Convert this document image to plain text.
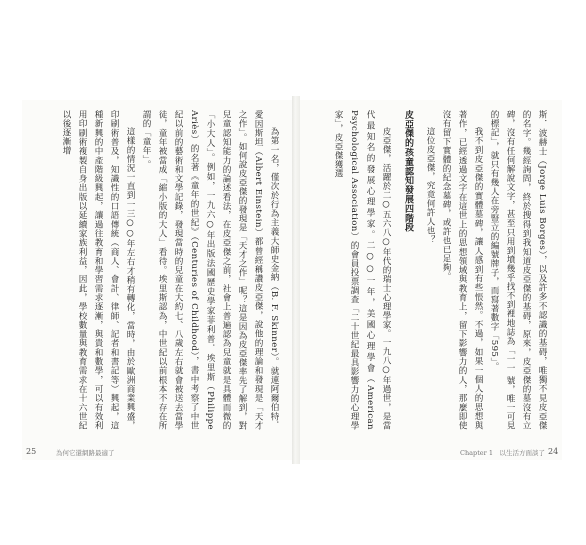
為第一名，僅次於行為主義大師史金納（B. F. Skinner）。就連阿爾伯特．愛因斯坦（Albert Einstein）都曾經稱讚皮亞傑，說他的理論和發現是「天才之作」。如何說皮亞傑的發現是「天才之作」呢？這是因為皮亞傑率先了解到，對兒童認知能力的論述看法，在皮亞傑之前，社會上普遍認為兒童就是具體而微的「小大人」。例如，一九六○年出版法國歷史學家菲利普．埃里斯（Philippe Ariès）的名著《童年的世紀》（Centuries of Childhood），書中考察了中世紀以前的藝術和文學記錄，發現當時的兒童在大約七、八歲左右就會被送去當學徒，童年被當成「縮小版的大人」看待。埃里斯認為，中世紀以前根本不存在所謂的「童年」。

這樣的情況一直到一三○○年左右才稍有轉化，當時，由於歐洲商業興盛，印刷術普及，知識性的口語傳統（商人、會計、律師、記者和書記等）興起，這種新興的中產階級興起，讓過往教育和學習需求逐漸，與貴和數學，可以有效利用印刷術複製自身出版以延續家族利益，因此，學校數量與教育需求在十六世紀以後逐漸增	斯．波赫士（Jorge Luis Borges），以及許多不認識的基碍，唯獨不見皮亞傑的名字。幾經詢問，終於搜得到我知道皮亞傑的基碍，原來，皮亞傑的墓沒有立碑，沒有任何解說文字，甚至只用到墳幾乎找不到裡地誌為「一一 號，唯一可見的標記」，就只有幾人在旁豎立的編號牌子，而寫著數字「595」。

我不到皮亞傑的實體墓碑，讓人感到有些悵然。不過，如果一個人的思想與著作，已經透過文字在這世上的思想領域與教育上，留下影響力的人，那麼即使沒有留下實體的紀念墓碑，或許也已足夠。

這位皮亞傑，究竟何許人也？

皮亞傑的孩童認知發展四階段

皮亞傑，活躍於二○五六八○年代的瑞士心理學家。一九八○年過世，是當代最知名的發展心理學家。二○○一年，美國心理學會（American Psychological Association）的會員投票調查「二十世紀最具影響力的心理學家」，皮亞傑獲選

25	為何它還網路最適了	Chapter 1　以生活方面談了 24
